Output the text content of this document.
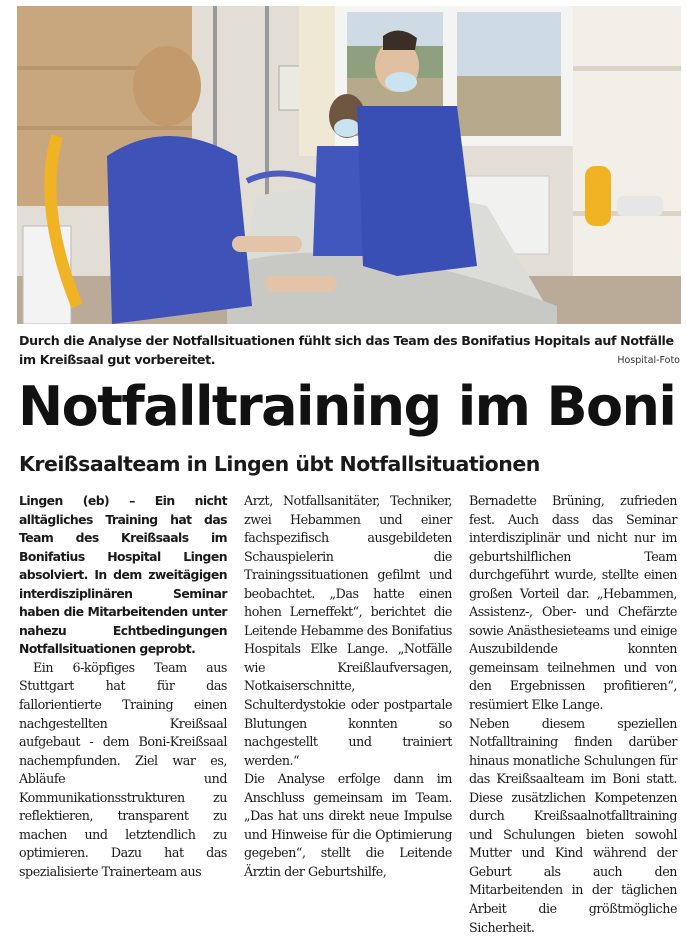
Durch die Analyse der Notfallsituationen fühlt sich das Team des Bonifatius Hopitals auf Notfälle im Kreißsaal gut vorbereitet.	Hospital-Foto
Notfalltraining im Boni
Kreißsaalteam in Lingen übt Notfallsituationen

Lingen (eb) – Ein nicht alltägliches Training hat das Team des Kreißsaals im Bonifatius Hospital Lingen absolviert. In dem zweitägigen interdisziplinären Seminar haben die Mitarbeitenden unter nahezu Echtbedingungen Notfallsituationen geprobt.

Ein 6-köpfiges Team aus Stuttgart hat für das fallorientierte Training einen nachgestellten Kreißsaal aufgebaut - dem Boni-Kreißsaal nachempfunden. Ziel war es, Abläufe und Kommunikationsstrukturen zu reflektieren, transparent zu machen und letztendlich zu optimieren. Dazu hat das spezialisierte Trainerteam aus

Arzt, Notfallsanitäter, Techniker, zwei Hebammen und einer fachspezifisch ausgebildeten Schauspielerin die Trainingssituationen gefilmt und beobachtet. „Das hatte einen hohen Lerneffekt“, berichtet die Leitende Hebamme des Bonifatius Hospitals Elke Lange. „Notfälle wie Kreißlaufversagen, Notkaiserschnitte, Schulterdystokie oder postpartale Blutungen konnten so nachgestellt und trainiert werden.“

Die Analyse erfolge dann im Anschluss gemeinsam im Team. „Das hat uns direkt neue Impulse und Hinweise für die Optimierung gegeben“, stellt die Leitende Ärztin der Geburtshilfe,

Bernadette Brüning, zufrieden fest. Auch dass das Seminar interdisziplinär und nicht nur im geburtshilflichen Team durchgeführt wurde, stellte einen großen Vorteil dar. „Hebammen, Assistenz-, Ober- und Chefärzte sowie Anästhesieteams und einige Auszubildende konnten gemeinsam teilnehmen und von den Ergebnissen profitieren“, resümiert Elke Lange.

Neben diesem speziellen Notfalltraining finden darüber hinaus monatliche Schulungen für das Kreißsaalteam im Boni statt. Diese zusätzlichen Kompetenzen durch Kreißsaalnotfalltraining und Schulungen bieten sowohl Mutter und Kind während der Geburt als auch den Mitarbeitenden in der täglichen Arbeit die größtmögliche Sicherheit.
